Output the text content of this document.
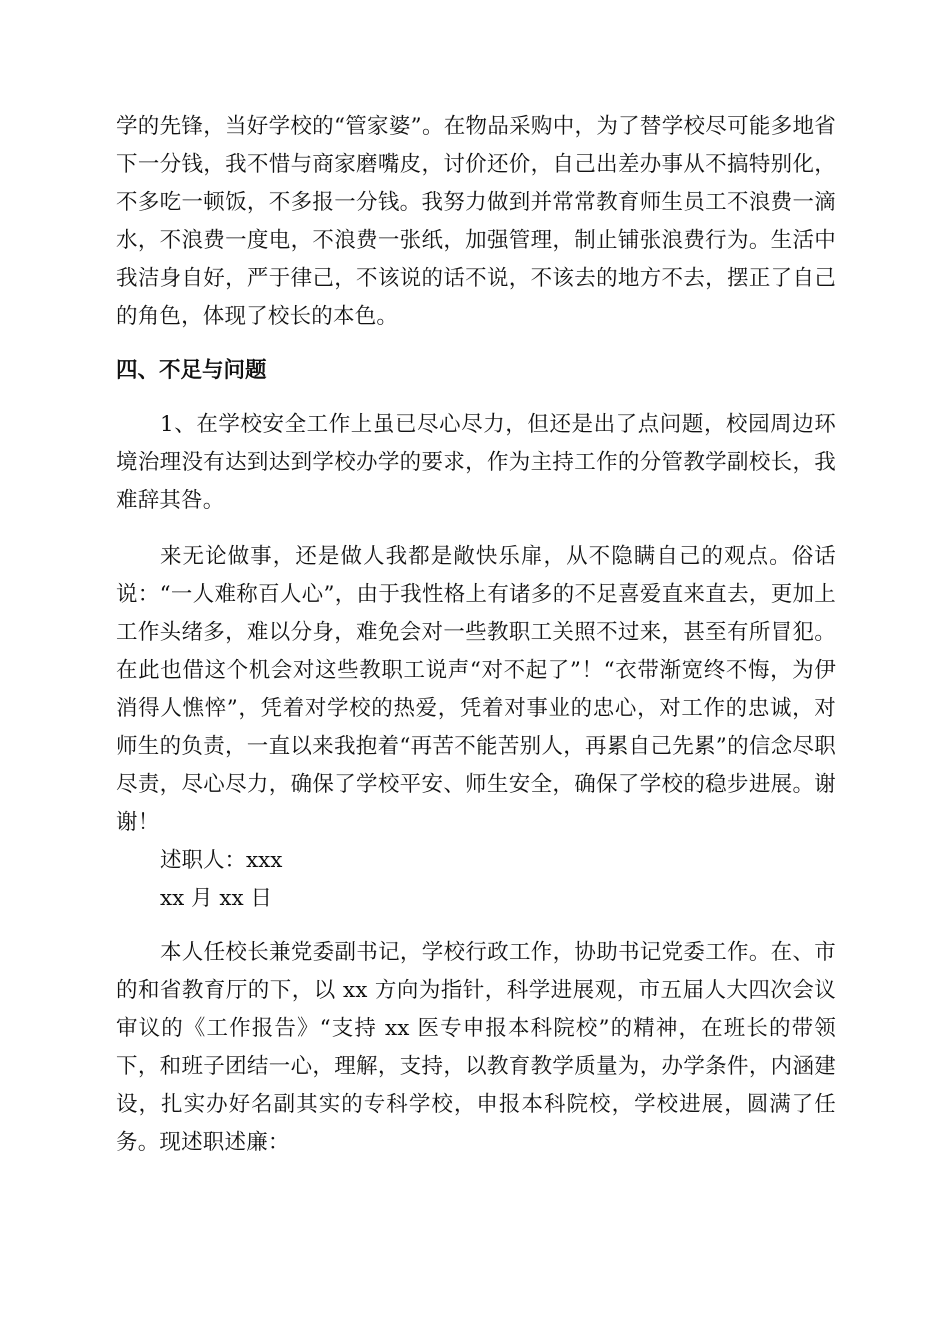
学的先锋，当好学校的“管家婆”。在物品采购中，为了替学校尽可能多地省下一分钱，我不惜与商家磨嘴皮，讨价还价，自己出差办事从不搞特别化，不多吃一顿饭，不多报一分钱。我努力做到并常常教育师生员工不浪费一滴水，不浪费一度电，不浪费一张纸，加强管理，制止铺张浪费行为。生活中我洁身自好，严于律己，不该说的话不说，不该去的地方不去，摆正了自己的角色，体现了校长的本色。

四、不足与问题

1、在学校安全工作上虽已尽心尽力，但还是出了点问题，校园周边环境治理没有达到达到学校办学的要求，作为主持工作的分管教学副校长，我难辞其咎。

来无论做事，还是做人我都是敞快乐扉，从不隐瞒自己的观点。俗话说：“一人难称百人心”，由于我性格上有诸多的不足喜爱直来直去，更加上工作头绪多，难以分身，难免会对一些教职工关照不过来，甚至有所冒犯。在此也借这个机会对这些教职工说声“对不起了”！“衣带渐宽终不悔，为伊消得人憔悴”，凭着对学校的热爱，凭着对事业的忠心，对工作的忠诚，对师生的负责，一直以来我抱着“再苦不能苦别人，再累自己先累”的信念尽职尽责，尽心尽力，确保了学校平安、师生安全，确保了学校的稳步进展。谢谢！

述职人：xxx

xx 月 xx 日

本人任校长兼党委副书记，学校行政工作，协助书记党委工作。在、市的和省教育厅的下，以 xx 方向为指针，科学进展观，市五届人大四次会议审议的《工作报告》“支持 xx 医专申报本科院校”的精神，在班长的带领下，和班子团结一心，理解，支持，以教育教学质量为，办学条件，内涵建设，扎实办好名副其实的专科学校，申报本科院校，学校进展，圆满了任务。现述职述廉：
